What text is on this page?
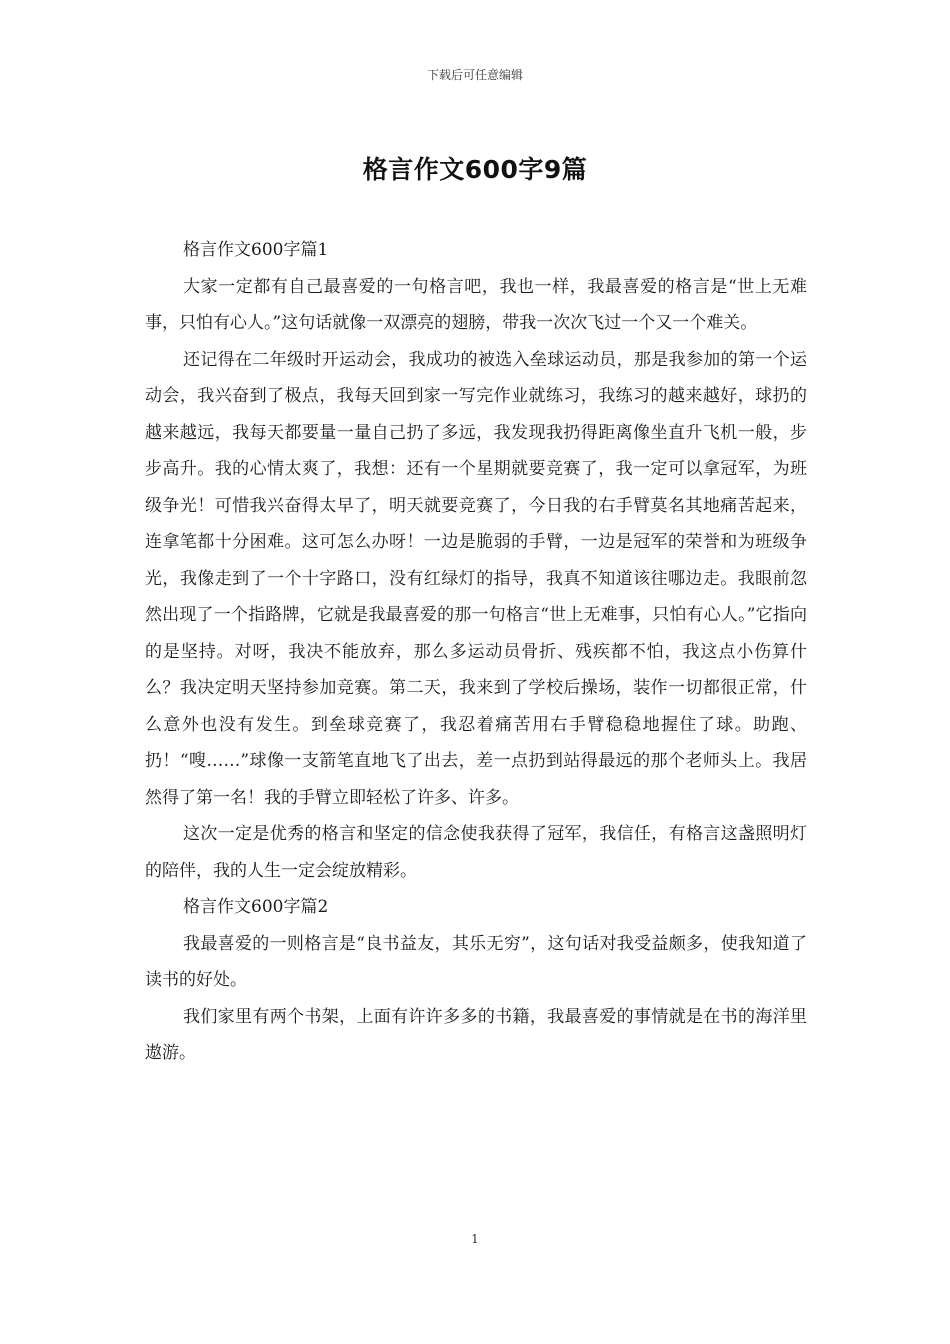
下载后可任意编辑
格言作文600字9篇

格言作文600字篇1

大家一定都有自己最喜爱的一句格言吧，我也一样，我最喜爱的格言是“世上无难事，只怕有心人。”这句话就像一双漂亮的翅膀，带我一次次飞过一个又一个难关。

还记得在二年级时开运动会，我成功的被选入垒球运动员，那是我参加的第一个运动会，我兴奋到了极点，我每天回到家一写完作业就练习，我练习的越来越好，球扔的越来越远，我每天都要量一量自己扔了多远，我发现我扔得距离像坐直升飞机一般，步步高升。我的心情太爽了，我想：还有一个星期就要竞赛了，我一定可以拿冠军，为班级争光！可惜我兴奋得太早了，明天就要竞赛了，今日我的右手臂莫名其地痛苦起来，连拿笔都十分困难。这可怎么办呀！一边是脆弱的手臂，一边是冠军的荣誉和为班级争光，我像走到了一个十字路口，没有红绿灯的指导，我真不知道该往哪边走。我眼前忽然出现了一个指路牌，它就是我最喜爱的那一句格言“世上无难事，只怕有心人。”它指向的是坚持。对呀，我决不能放弃，那么多运动员骨折、残疾都不怕，我这点小伤算什么？我决定明天坚持参加竞赛。第二天，我来到了学校后操场，装作一切都很正常，什么意外也没有发生。到垒球竞赛了，我忍着痛苦用右手臂稳稳地握住了球。助跑、扔！“嗖……”球像一支箭笔直地飞了出去，差一点扔到站得最远的那个老师头上。我居然得了第一名！我的手臂立即轻松了许多、许多。

这次一定是优秀的格言和坚定的信念使我获得了冠军，我信任，有格言这盏照明灯的陪伴，我的人生一定会绽放精彩。

格言作文600字篇2

我最喜爱的一则格言是“良书益友，其乐无穷”，这句话对我受益颇多，使我知道了读书的好处。

我们家里有两个书架，上面有许许多多的书籍，我最喜爱的事情就是在书的海洋里遨游。

1
